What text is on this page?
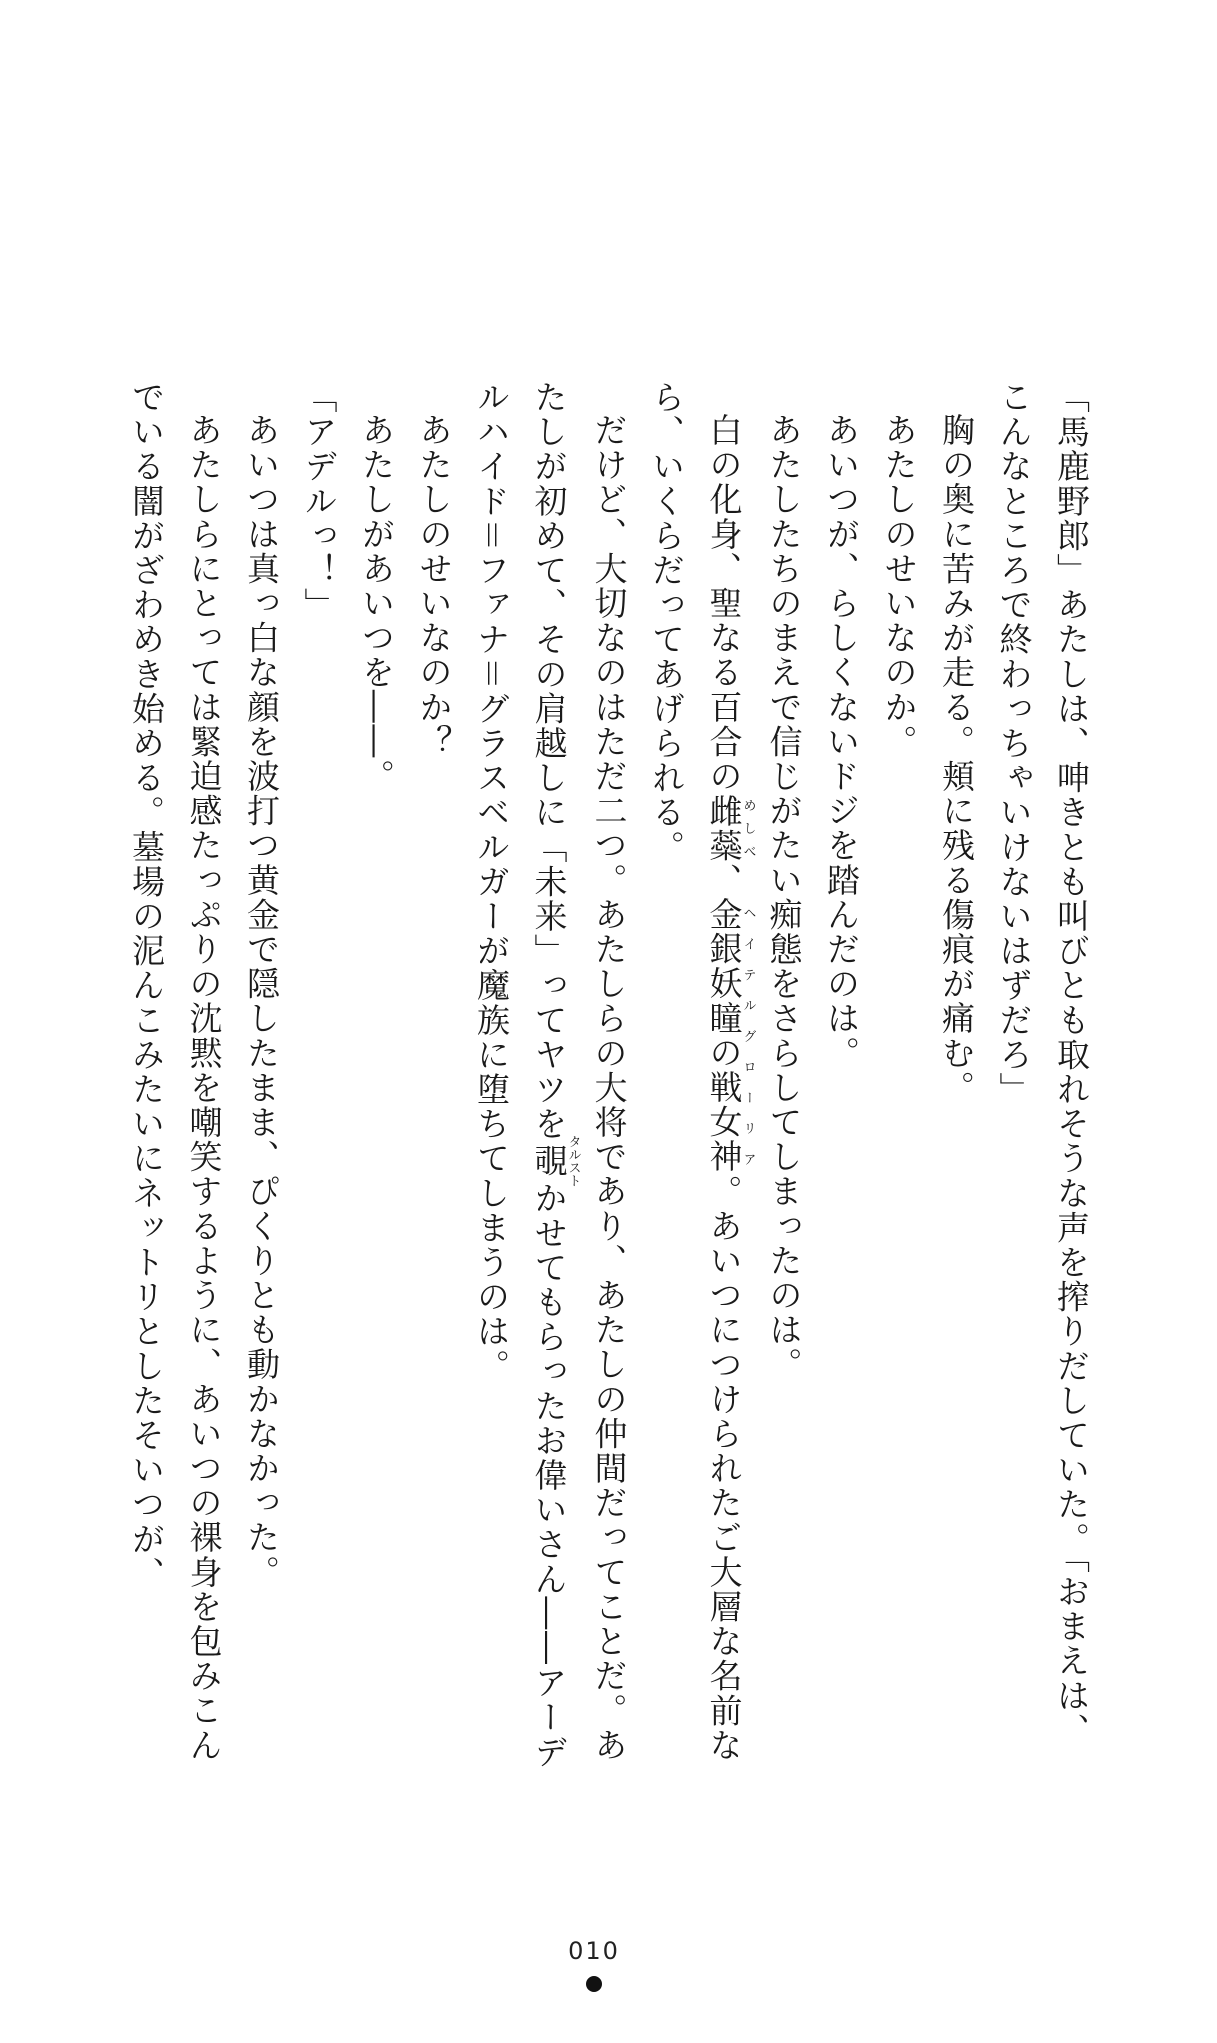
「馬鹿野郎」あたしは、呻きとも叫びとも取れそうな声を搾りだしていた。「おまえは、
こんなところで終わっちゃいけないはずだろ」
胸の奥に苦みが走る。頬に残る傷痕が痛む。
あたしのせいなのか。
あいつが、らしくないドジを踏んだのは。
あたしたちのまえで信じがたい痴態をさらしてしまったのは。
白の化身、聖なる百合の雌蘂めしべ、金銀妖瞳の戦女神ヘイテルグローリア。あいつにつけられたご大層な名前な
ら、いくらだってあげられる。
だけど、大切なのはただ二つ。あたしらの大将であり、あたしの仲間だってことだ。あ
たしが初めて、その肩越しに「未来」ってヤツを覗タルストかせてもらったお偉いさん――アーデ
ルハイド＝ファナ＝グラスベルガーが魔族に堕ちてしまうのは。
あたしのせいなのか？
あたしがあいつを――。
「アデルっ！」
あいつは真っ白な顔を波打つ黄金で隠したまま、ぴくりとも動かなかった。
あたしらにとっては緊迫感たっぷりの沈黙を嘲笑するように、あいつの裸身を包みこん
でいる闇がざわめき始める。墓場の泥んこみたいにネットリとしたそいつが、
010
